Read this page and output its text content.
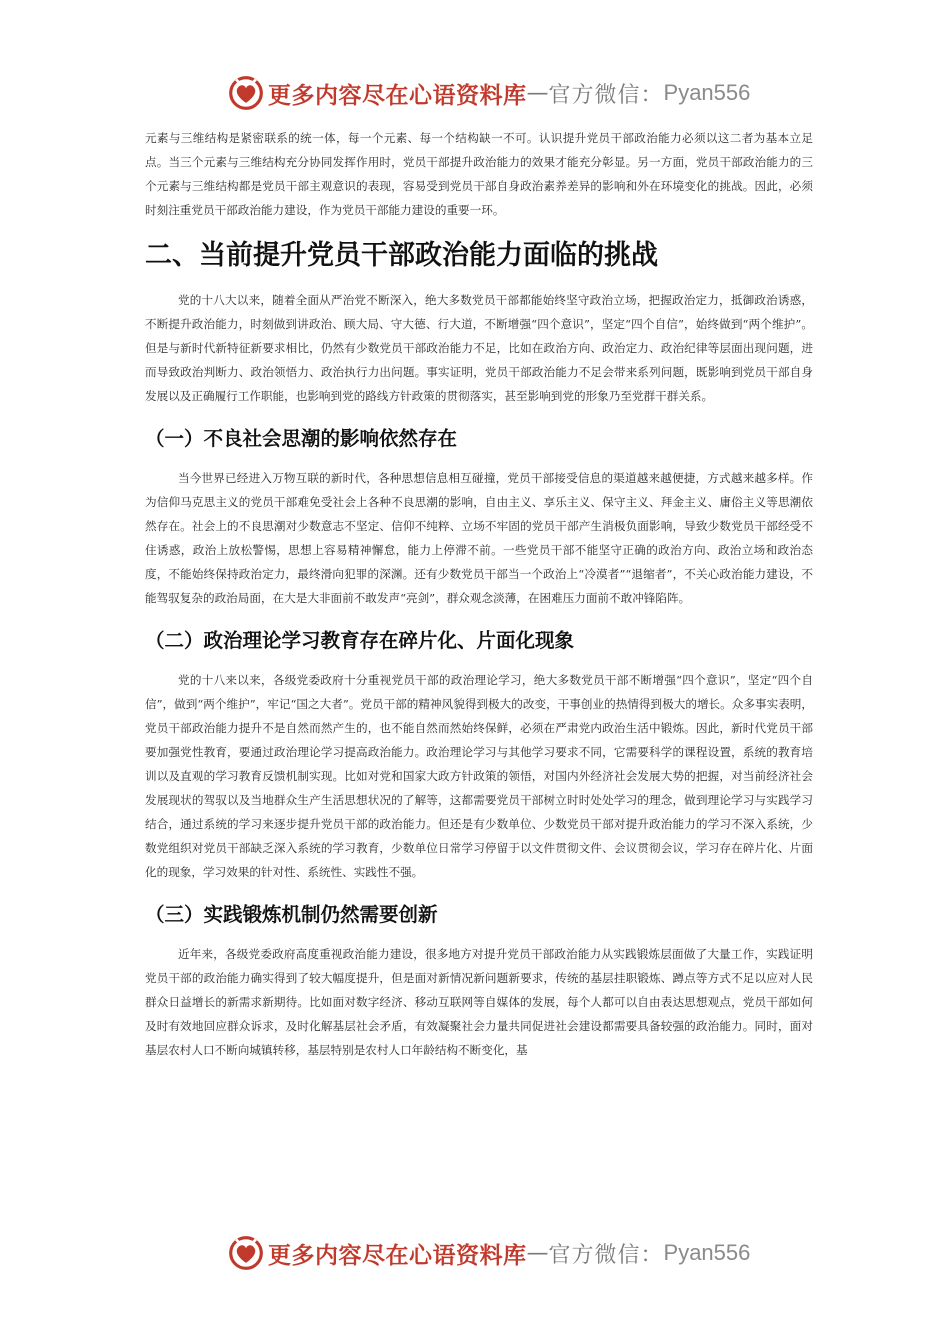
更多内容尽在心语资料库 — 官方微信： Pyan556

元素与三维结构是紧密联系的统一体，每一个元素、每一个结构缺一不可。认识提升党员干部政治能力必须以这二者为基本立足点。当三个元素与三维结构充分协同发挥作用时，党员干部提升政治能力的效果才能充分彰显。另一方面，党员干部政治能力的三个元素与三维结构都是党员干部主观意识的表现，容易受到党员干部自身政治素养差异的影响和外在环境变化的挑战。因此，必须时刻注重党员干部政治能力建设，作为党员干部能力建设的重要一环。

二、当前提升党员干部政治能力面临的挑战

党的十八大以来，随着全面从严治党不断深入，绝大多数党员干部都能始终坚守政治立场，把握政治定力，抵御政治诱惑，不断提升政治能力，时刻做到讲政治、顾大局、守大德、行大道，不断增强“四个意识”，坚定“四个自信”，始终做到“两个维护”。但是与新时代新特征新要求相比，仍然有少数党员干部政治能力不足，比如在政治方向、政治定力、政治纪律等层面出现问题，进而导致政治判断力、政治领悟力、政治执行力出问题。事实证明，党员干部政治能力不足会带来系列问题，既影响到党员干部自身发展以及正确履行工作职能，也影响到党的路线方针政策的贯彻落实，甚至影响到党的形象乃至党群干群关系。

（一）不良社会思潮的影响依然存在

当今世界已经进入万物互联的新时代，各种思想信息相互碰撞，党员干部接受信息的渠道越来越便捷，方式越来越多样。作为信仰马克思主义的党员干部难免受社会上各种不良思潮的影响，自由主义、享乐主义、保守主义、拜金主义、庸俗主义等思潮依然存在。社会上的不良思潮对少数意志不坚定、信仰不纯粹、立场不牢固的党员干部产生消极负面影响，导致少数党员干部经受不住诱惑，政治上放松警惕，思想上容易精神懈怠，能力上停滞不前。一些党员干部不能坚守正确的政治方向、政治立场和政治态度，不能始终保持政治定力，最终滑向犯罪的深渊。还有少数党员干部当一个政治上“冷漠者”“退缩者”，不关心政治能力建设，不能驾驭复杂的政治局面，在大是大非面前不敢发声“亮剑”，群众观念淡薄，在困难压力面前不敢冲锋陷阵。

（二）政治理论学习教育存在碎片化、片面化现象

党的十八来以来，各级党委政府十分重视党员干部的政治理论学习，绝大多数党员干部不断增强“四个意识”，坚定“四个自信”，做到“两个维护”，牢记“国之大者”。党员干部的精神风貌得到极大的改变，干事创业的热情得到极大的增长。众多事实表明，党员干部政治能力提升不是自然而然产生的，也不能自然而然始终保鲜，必须在严肃党内政治生活中锻炼。因此，新时代党员干部要加强党性教育，要通过政治理论学习提高政治能力。政治理论学习与其他学习要求不同，它需要科学的课程设置，系统的教育培训以及直观的学习教育反馈机制实现。比如对党和国家大政方针政策的领悟，对国内外经济社会发展大势的把握，对当前经济社会发展现状的驾驭以及当地群众生产生活思想状况的了解等，这都需要党员干部树立时时处处学习的理念，做到理论学习与实践学习结合，通过系统的学习来逐步提升党员干部的政治能力。但还是有少数单位、少数党员干部对提升政治能力的学习不深入系统，少数党组织对党员干部缺乏深入系统的学习教育，少数单位日常学习停留于以文件贯彻文件、会议贯彻会议，学习存在碎片化、片面化的现象，学习效果的针对性、系统性、实践性不强。

（三）实践锻炼机制仍然需要创新

近年来，各级党委政府高度重视政治能力建设，很多地方对提升党员干部政治能力从实践锻炼层面做了大量工作，实践证明党员干部的政治能力确实得到了较大幅度提升，但是面对新情况新问题新要求，传统的基层挂职锻炼、蹲点等方式不足以应对人民群众日益增长的新需求新期待。比如面对数字经济、移动互联网等自媒体的发展，每个人都可以自由表达思想观点，党员干部如何及时有效地回应群众诉求，及时化解基层社会矛盾，有效凝聚社会力量共同促进社会建设都需要具备较强的政治能力。同时，面对基层农村人口不断向城镇转移，基层特别是农村人口年龄结构不断变化，基

更多内容尽在心语资料库 — 官方微信： Pyan556
